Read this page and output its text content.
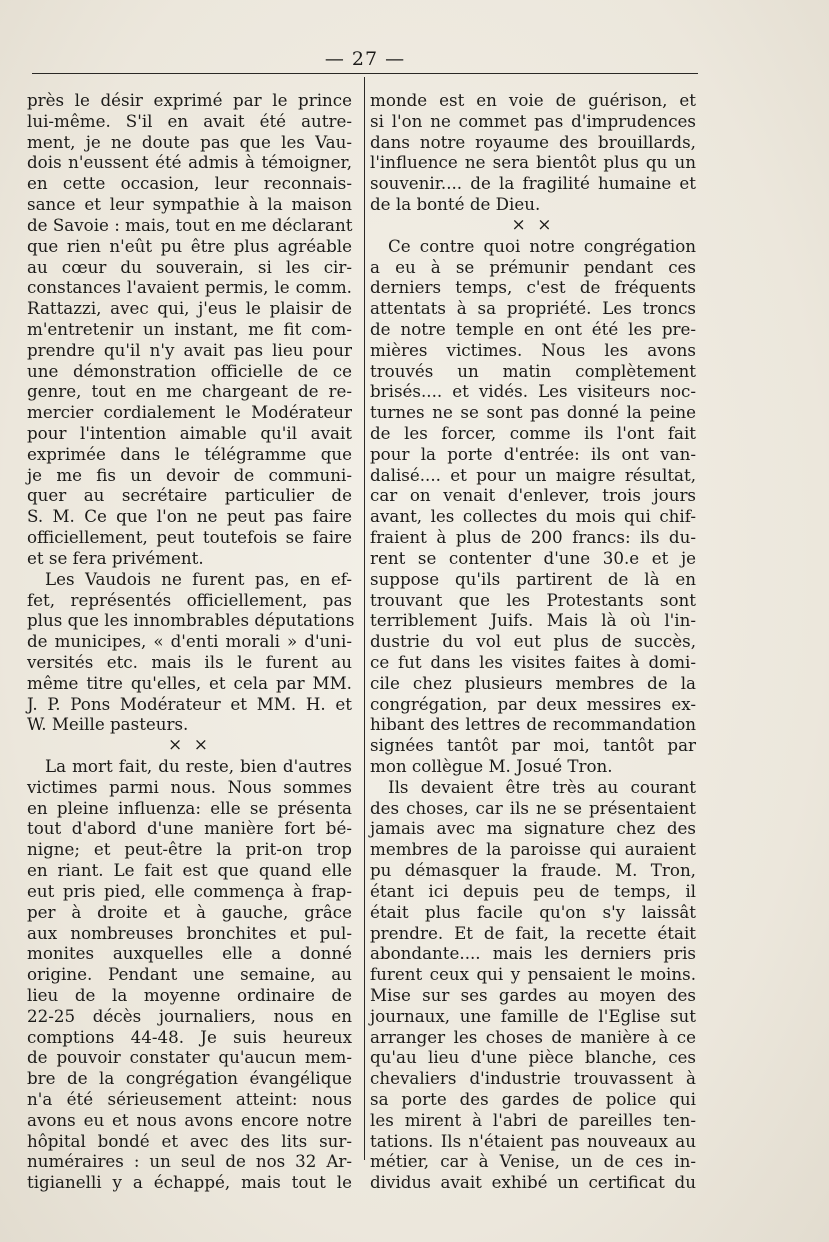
— 27 —
près le désir exprimé par le prince
lui-même. S'il en avait été autre-
ment, je ne doute pas que les Vau-
dois n'eussent été admis à témoigner,
en cette occasion, leur reconnais-
sance et leur sympathie à la maison
de Savoie : mais, tout en me déclarant
que rien n'eût pu être plus agréable
au cœur du souverain, si les cir-
constances l'avaient permis, le comm.
Rattazzi, avec qui, j'eus le plaisir de
m'entretenir un instant, me fit com-
prendre qu'il n'y avait pas lieu pour
une démonstration officielle de ce
genre, tout en me chargeant de re-
mercier cordialement le Modérateur
pour l'intention aimable qu'il avait
exprimée dans le télégramme que
je me fis un devoir de communi-
quer au secrétaire particulier de
S. M. Ce que l'on ne peut pas faire
officiellement, peut toutefois se faire
et se fera privément.
Les Vaudois ne furent pas, en ef-
fet, représentés officiellement, pas
plus que les innombrables députations
de municipes, « d'enti morali » d'uni-
versités etc. mais ils le furent au
même titre qu'elles, et cela par MM.
J. P. Pons Modérateur et MM. H. et
W. Meille pasteurs.
× ×
La mort fait, du reste, bien d'autres
victimes parmi nous. Nous sommes
en pleine influenza: elle se présenta
tout d'abord d'une manière fort bé-
nigne; et peut-être la prit-on trop
en riant. Le fait est que quand elle
eut pris pied, elle commença à frap-
per à droite et à gauche, grâce
aux nombreuses bronchites et pul-
monites auxquelles elle a donné
origine. Pendant une semaine, au
lieu de la moyenne ordinaire de
22-25 décès journaliers, nous en
comptions 44-48. Je suis heureux
de pouvoir constater qu'aucun mem-
bre de la congrégation évangélique
n'a été sérieusement atteint: nous
avons eu et nous avons encore notre
hôpital bondé et avec des lits sur-
numéraires : un seul de nos 32 Ar-
tigianelli y a échappé, mais tout le
monde est en voie de guérison, et
si l'on ne commet pas d'imprudences
dans notre royaume des brouillards,
l'influence ne sera bientôt plus qu un
souvenir.... de la fragilité humaine et
de la bonté de Dieu.
× ×
Ce contre quoi notre congrégation
a eu à se prémunir pendant ces
derniers temps, c'est de fréquents
attentats à sa propriété. Les troncs
de notre temple en ont été les pre-
mières victimes. Nous les avons
trouvés un matin complètement
brisés.... et vidés. Les visiteurs noc-
turnes ne se sont pas donné la peine
de les forcer, comme ils l'ont fait
pour la porte d'entrée: ils ont van-
dalisé.... et pour un maigre résultat,
car on venait d'enlever, trois jours
avant, les collectes du mois qui chif-
fraient à plus de 200 francs: ils du-
rent se contenter d'une 30.e et je
suppose qu'ils partirent de là en
trouvant que les Protestants sont
terriblement Juifs. Mais là où l'in-
dustrie du vol eut plus de succès,
ce fut dans les visites faites à domi-
cile chez plusieurs membres de la
congrégation, par deux messires ex-
hibant des lettres de recommandation
signées tantôt par moi, tantôt par
mon collègue M. Josué Tron.
Ils devaient être très au courant
des choses, car ils ne se présentaient
jamais avec ma signature chez des
membres de la paroisse qui auraient
pu démasquer la fraude. M. Tron,
étant ici depuis peu de temps, il
était plus facile qu'on s'y laissât
prendre. Et de fait, la recette était
abondante.... mais les derniers pris
furent ceux qui y pensaient le moins.
Mise sur ses gardes au moyen des
journaux, une famille de l'Eglise sut
arranger les choses de manière à ce
qu'au lieu d'une pièce blanche, ces
chevaliers d'industrie trouvassent à
sa porte des gardes de police qui
les mirent à l'abri de pareilles ten-
tations. Ils n'étaient pas nouveaux au
métier, car à Venise, un de ces in-
dividus avait exhibé un certificat du
